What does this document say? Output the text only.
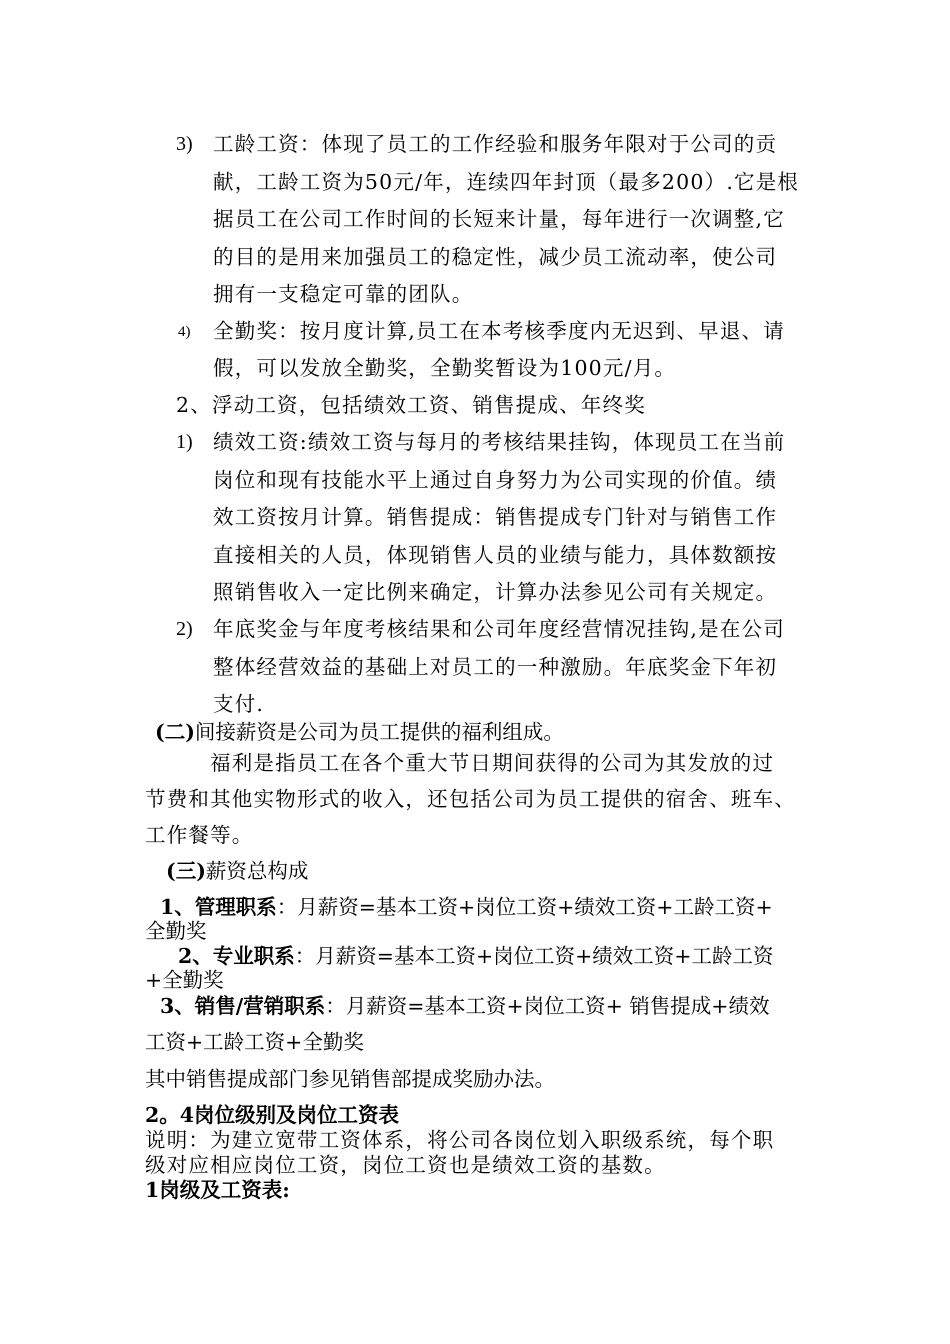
3) 工龄工资：体现了员工的工作经验和服务年限对于公司的贡
献，工龄工资为50元/年，连续四年封顶（最多200）.它是根
据员工在公司工作时间的长短来计量，每年进行一次调整,它
的目的是用来加强员工的稳定性，减少员工流动率，使公司
拥有一支稳定可靠的团队。
4) 全勤奖：按月度计算,员工在本考核季度内无迟到、早退、请
假，可以发放全勤奖，全勤奖暂设为100元/月。
2、浮动工资，包括绩效工资、销售提成、年终奖
1) 绩效工资:绩效工资与每月的考核结果挂钩，体现员工在当前
岗位和现有技能水平上通过自身努力为公司实现的价值。绩
效工资按月计算。销售提成：销售提成专门针对与销售工作
直接相关的人员，体现销售人员的业绩与能力，具体数额按
照销售收入一定比例来确定，计算办法参见公司有关规定。
2) 年底奖金与年度考核结果和公司年度经营情况挂钩,是在公司
整体经营效益的基础上对员工的一种激励。年底奖金下年初
支付.
(二)间接薪资是公司为员工提供的福利组成。
福利是指员工在各个重大节日期间获得的公司为其发放的过
节费和其他实物形式的收入，还包括公司为员工提供的宿舍、班车、
工作餐等。
(三)薪资总构成
1、管理职系：月薪资=基本工资+岗位工资+绩效工资+工龄工资+
全勤奖
2、专业职系：月薪资=基本工资+岗位工资+绩效工资+工龄工资
+全勤奖
3、销售/营销职系：月薪资=基本工资+岗位工资+ 销售提成+绩效
工资+工龄工资+全勤奖
其中销售提成部门参见销售部提成奖励办法。
2。4岗位级别及岗位工资表
说明：为建立宽带工资体系，将公司各岗位划入职级系统，每个职
级对应相应岗位工资，岗位工资也是绩效工资的基数。
1岗级及工资表:
